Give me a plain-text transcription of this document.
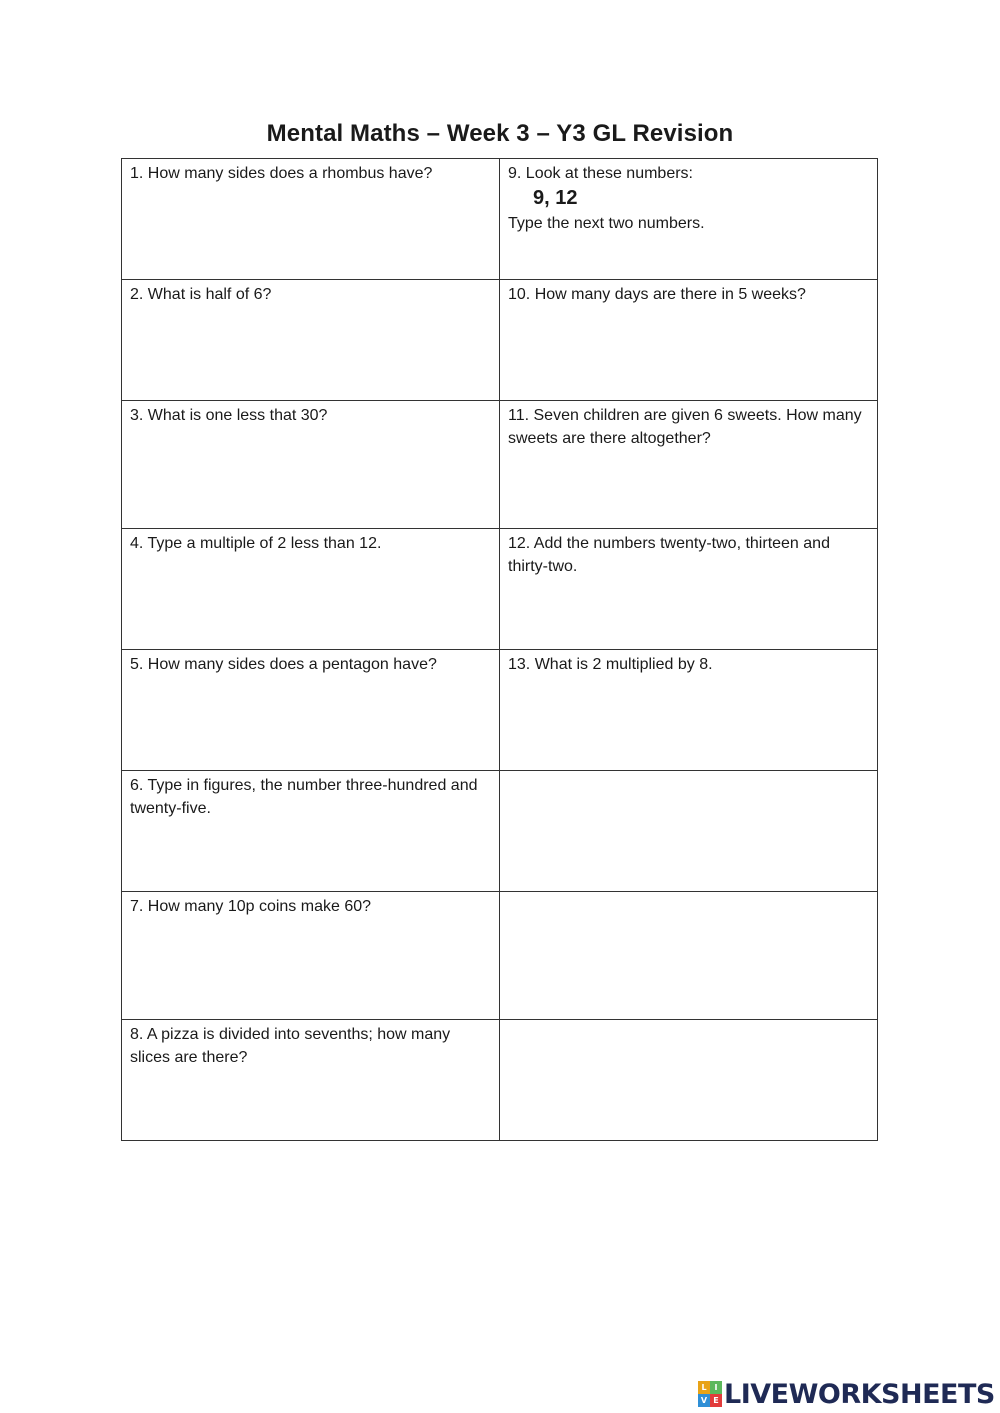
Mental Maths – Week 3 – Y3 GL Revision
1. How many sides does a rhombus have?	9. Look at these numbers:
9, 12
Type the next two numbers.
2. What is half of 6?	10. How many days are there in 5 weeks?
3. What is one less that 30?	11. Seven children are given 6 sweets. How many sweets are there altogether?
4. Type a multiple of 2 less than 12.	12. Add the numbers twenty-two, thirteen and thirty-two.
5. How many sides does a pentagon have?	13. What is 2 multiplied by 8.
6. Type in figures, the number three-hundred and twenty-five.	
7. How many 10p coins make 60?	
8. A pizza is divided into sevenths; how many slices are there?	
L I
V E LIVEWORKSHEETS
